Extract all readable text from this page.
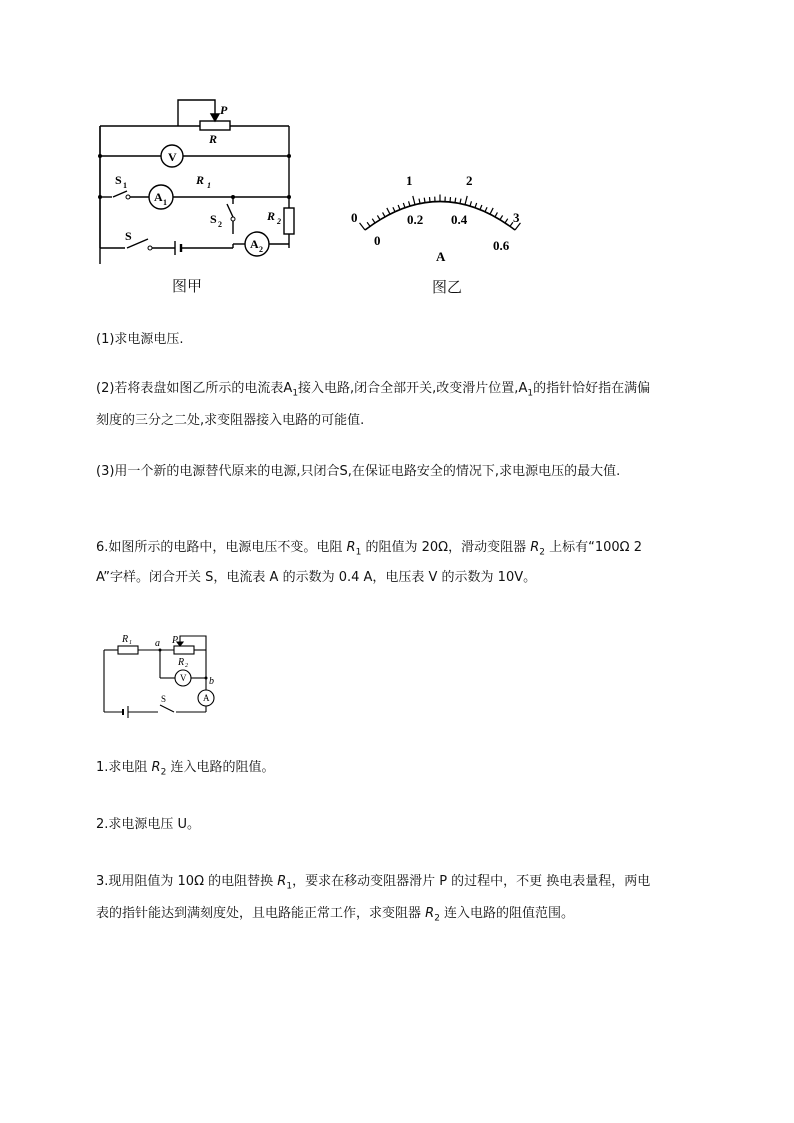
P
R
R 1
R 2
V
S 1
A 1
S 2
A 2
S
图甲
0
1	2
3
0
0.2 0.4
0.6
A
图乙
(1)求电源电压.
(2)若将表盘如图乙所示的电流表$A_1$接入电路,闭合全部开关,改变滑片位置$,A_1$的指针恰好指在满偏
刻度的三分之二处,求变阻器接入电路的可能值.
(3)用一个新的电源替代原来的电源,只闭合S,在保证电路安全的情况下,求电源电压的最大值.
6.如图所示的电路中，电源电压不变。电阻 $R_1$ 的阻值为 20Ω，滑动变阻器 $R_2$ 上标有“100Ω 2
A”字样。闭合开关 S，电流表 A 的示数为 0.4 A，电压表 V 的示数为 10V。
R 1 a P
R 2
b
V
A
S
1.求电阻 $R_2$ 连入电路的阻值。
2.求电源电压 U。
3.现用阻值为 10Ω 的电阻替换 $R_1$，要求在移动变阻器滑片 P 的过程中，不更 换电表量程，两电
表的指针能达到满刻度处，且电路能正常工作，求变阻器 $R_2$ 连入电路的阻值范围。
